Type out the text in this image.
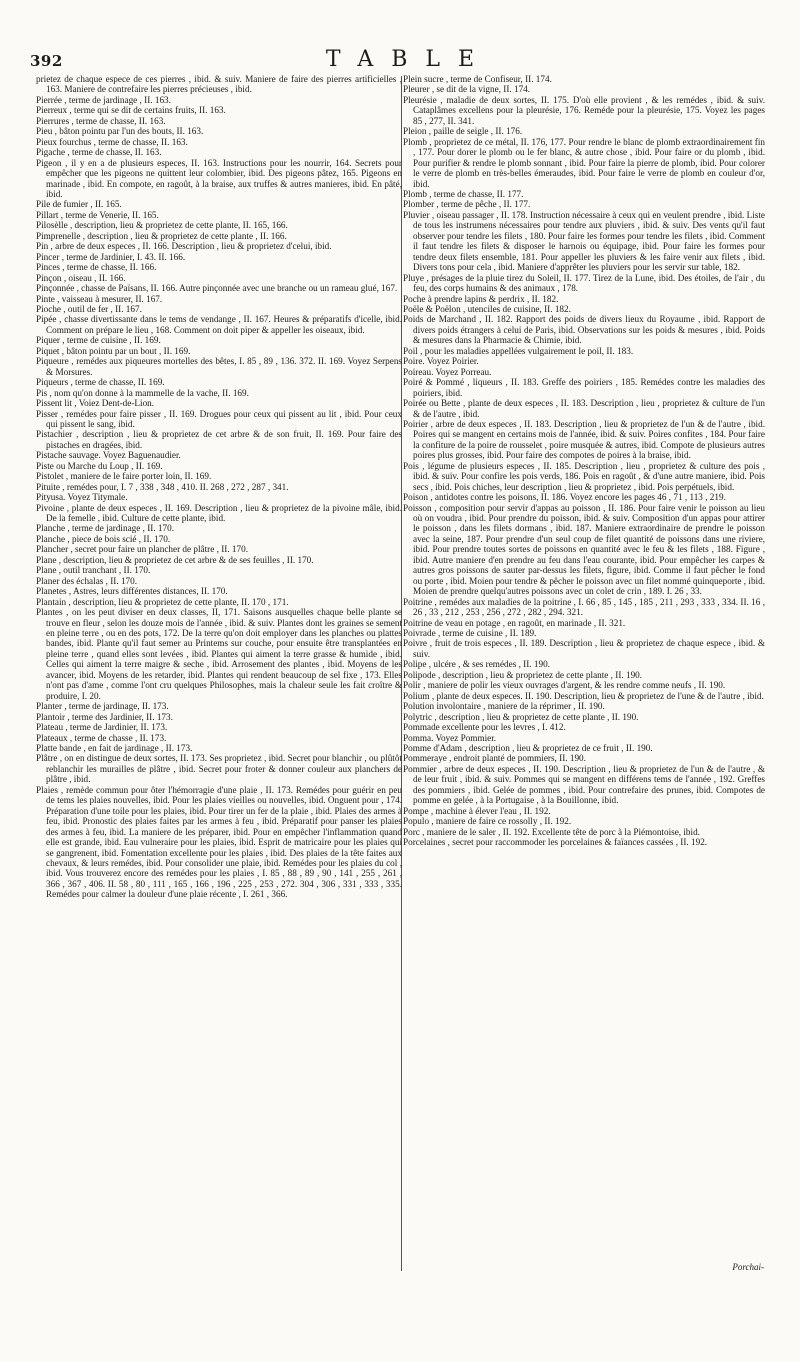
392	TABLE
prietez de chaque espece de ces pierres , ibid. & suiv. Maniere de faire des pierres artificielles , 163. Maniere de contrefaire les pierres précieuses , ibid.
Pierrée , terme de jardinage , II. 163.
Pierreux , terme qui se dit de certains fruits, II. 163.
Pierrures , terme de chasse, II. 163.
Pieu , bâton pointu par l'un des bouts, II. 163.
Pieux fourchus , terme de chasse, II. 163.
Pigache , terme de chasse, II. 163.
Pigeon , il y en a de plusieurs especes, II. 163. Instructions pour les nourrir, 164. Secrets pour empêcher que les pigeons ne quittent leur colombier, ibid. Des pigeons pâtez, 165. Pigeons en marinade , ibid. En compote, en ragoût, à la braise, aux truffes & autres manieres, ibid. En pâté, ibid.
Pile de fumier , II. 165.
Pillart , terme de Venerie, II. 165.
Pilosèlle , description, lieu & proprietez de cette plante, II. 165, 166.
Pimprenelle , description , lieu & proprietez de cette plante , II. 166.
Pin , arbre de deux especes , II. 166. Description , lieu & proprietez d'celui, ibid.
Pincer , terme de Jardinier, I. 43. II. 166.
Pinces , terme de chasse, II. 166.
Pinçon , oiseau , II. 166.
Pinçonnée , chasse de Païsans, II. 166. Autre pinçonnée avec une branche ou un rameau glué, 167.
Pinte , vaisseau à mesurer, II. 167.
Pioche , outil de fer , II. 167.
Pipée , chasse divertissante dans le tems de vendange , II. 167. Heures & préparatifs d'icelle, ibid. Comment on prépare le lieu , 168. Comment on doit piper & appeller les oiseaux, ibid.
Piquer , terme de cuisine , II. 169.
Piquet , bâton pointu par un bout , II. 169.
Piqueure , remédes aux piqueures mortelles des bêtes, I. 85 , 89 , 136. 372. II. 169. Voyez Serpens & Morsures.
Piqueurs , terme de chasse, II. 169.
Pis , nom qu'on donne à la mammelle de la vache, II. 169.
Pissent lit , Voiez Dent-de-Lion.
Pisser , remédes pour faire pisser , II. 169. Drogues pour ceux qui pissent au lit , ibid. Pour ceux qui pissent le sang, ibid.
Pistachier , description , lieu & proprietez de cet arbre & de son fruit, II. 169. Pour faire des pistaches en dragées, ibid.
Pistache sauvage. Voyez Baguenaudier.
Piste ou Marche du Loup , II. 169.
Pistolet , maniere de le faire porter loin, II. 169.
Pituite , remédes pour, I. 7 , 338 , 348 , 410. II. 268 , 272 , 287 , 341.
Pityusa. Voyez Titymale.
Pivoine , plante de deux especes , II. 169. Description , lieu & proprietez de la pivoine mâle, ibid. De la femelle , ibid. Culture de cette plante, ibid.
Planche , terme de jardinage , II. 170.
Planche , piece de bois scié , II. 170.
Plancher , secret pour faire un plancher de plâtre , II. 170.
Plane , description, lieu & proprietez de cet arbre & de ses feuilles , II. 170.
Plane , outil tranchant , II. 170.
Planer des échalas , II. 170.
Planetes , Astres, leurs différentes distances, II. 170.
Plantain , description, lieu & proprietez de cette plante, II. 170 , 171.
Plantes , on les peut diviser en deux classes, II, 171. Saisons ausquelles chaque belle plante se trouve en fleur , selon les douze mois de l'année , ibid. & suiv. Plantes dont les graines se sement en pleine terre , ou en des pots, 172. De la terre qu'on doit employer dans les planches ou plattes bandes, ibid. Plante qu'il faut semer au Printems sur couche, pour ensuite être transplantées en pleine terre , quand elles sont levées , ibid. Plantes qui aiment la terre grasse & humide , ibid. Celles qui aiment la terre maigre & seche , ibid. Arrosement des plantes , ibid. Moyens de les avancer, ibid. Moyens de les retarder, ibid. Plantes qui rendent beaucoup de sel fixe , 173. Elles n'ont pas d'ame , comme l'ont cru quelques Philosophes, mais la chaleur seule les fait croître & produire, I. 20.
Planter , terme de jardinage, II. 173.
Plantoir , terme des Jardinier, II. 173.
Plateau , terme de Jardinier, II. 173.
Plateaux , terme de chasse , II. 173.
Platte bande , en fait de jardinage , II. 173.
Plâtre , on en distingue de deux sortes, II. 173. Ses proprietez , ibid. Secret pour blanchir , ou plûtôt reblanchir les murailles de plâtre , ibid. Secret pour froter & donner couleur aux planchers de plâtre , ibid.
Plaies , remède commun pour ôter l'hémorragie d'une plaie , II. 173. Remédes pour guérir en peu de tems les plaies nouvelles, ibid. Pour les plaies vieilles ou nouvelles, ibid. Onguent pour , 174. Préparation d'une toile pour les plaies, ibid. Pour tirer un fer de la plaie , ibid. Plaies des armes à feu, ibid. Pronostic des plaies faites par les armes à feu , ibid. Préparatif pour panser les plaies des armes à feu, ibid. La maniere de les préparer, ibid. Pour en empêcher l'inflammation quand elle est grande, ibid. Eau vulneraire pour les plaies, ibid. Esprit de matricaire pour les plaies qui se gangrenent, ibid. Fomentation excellente pour les plaies , ibid. Des plaies de la tête faites aux chevaux, & leurs remédes, ibid. Pour consolider une plaie, ibid. Remédes pour les plaies du col , ibid. Vous trouverez encore des remédes pour les plaies , I. 85 , 88 , 89 , 90 , 141 , 255 , 261 , 366 , 367 , 406. II. 58 , 80 , 111 , 165 , 166 , 196 , 225 , 253 , 272. 304 , 306 , 331 , 333 , 335. Remédes pour calmer la douleur d'une plaie récente , I. 261 , 366.
Plein sucre , terme de Confiseur, II. 174.
Pleurer , se dit de la vigne, II. 174.
Pleurésie , maladie de deux sortes, II. 175. D'où elle provient , & les remédes , ibid. & suiv. Cataplâmes excellens pour la pleurésie, 176. Reméde pour la pleurésie, 175. Voyez les pages 85 , 277, II. 341.
Pleion , paille de seigle , II. 176.
Plomb , proprietez de ce métal, II. 176, 177. Pour rendre le blanc de plomb extraordinairement fin , 177. Pour dorer le plomb ou le fer blanc, & autre chose , ibid. Pour faire or du plomb , ibid. Pour purifier & rendre le plomb sonnant , ibid. Pour faire la pierre de plomb, ibid. Pour colorer le verre de plomb en très-belles émeraudes, ibid. Pour faire le verre de plomb en couleur d'or, ibid.
Plomb , terme de chasse, II. 177.
Plomber , terme de pêche , II. 177.
Pluvier , oiseau passager , II. 178. Instruction nécessaire à ceux qui en veulent prendre , ibid. Liste de tous les instrumens nécessaires pour tendre aux pluviers , ibid. & suiv. Des vents qu'il faut observer pour tendre les filets , 180. Pour faire les formes pour tendre les filets , ibid. Comment il faut tendre les filets & disposer le harnois ou équipage, ibid. Pour faire les formes pour tendre deux filets ensemble, 181. Pour appeller les pluviers & les faire venir aux filets , ibid. Divers tons pour cela , ibid. Maniere d'apprêter les pluviers pour les servir sur table, 182.
Pluye , présages de la pluie tirez du Soleil, II. 177. Tirez de la Lune, ibid. Des étoiles, de l'air , du feu, des corps humains & des animaux , 178.
Poche à prendre lapins & perdrix , II. 182.
Poële & Poëlon , utenciles de cuisine, II. 182.
Poids de Marchand , II. 182. Rapport des poids de divers lieux du Royaume , ibid. Rapport de divers poids étrangers à celui de Paris, ibid. Observations sur les poids & mesures , ibid. Poids & mesures dans la Pharmacie & Chimie, ibid.
Poil , pour les maladies appellées vulgairement le poil, II. 183.
Poire. Voyez Poirier.
Poireau. Voyez Porreau.
Poiré & Pommé , liqueurs , II. 183. Greffe des poiriers , 185. Remédes contre les maladies des poiriers, ibid.
Poirée ou Bette , plante de deux especes , II. 183. Description , lieu , proprietez & culture de l'un & de l'autre , ibid.
Poirier , arbre de deux especes , II. 183. Description , lieu & proprietez de l'un & de l'autre , ibid. Poires qui se mangent en certains mois de l'année, ibid. & suiv. Poires confites , 184. Pour faire la confiture de la poire de rousselet , poire musquée & autres, ibid. Compote de plusieurs autres poires plus grosses, ibid. Pour faire des compotes de poires à la braise, ibid.
Pois , légume de plusieurs especes , II. 185. Description , lieu , proprietez & culture des pois , ibid. & suiv. Pour confire les pois verds, 186. Pois en ragoût , & d'une autre maniere, ibid. Pois secs , ibid. Pois chiches, leur description , lieu & proprietez , ibid. Pois perpétuels, ibid.
Poison , antidotes contre les poisons, II. 186. Voyez encore les pages 46 , 71 , 113 , 219.
Poisson , composition pour servir d'appas au poisson , II. 186. Pour faire venir le poisson au lieu où on voudra , ibid. Pour prendre du poisson, ibid. & suiv. Composition d'un appas pour attirer le poisson , dans les filets dormans , ibid. 187. Maniere extraordinaire de prendre le poisson avec la seine, 187. Pour prendre d'un seul coup de filet quantité de poissons dans une riviere, ibid. Pour prendre toutes sortes de poissons en quantité avec le feu & les filets , 188. Figure , ibid. Autre maniere d'en prendre au feu dans l'eau courante, ibid. Pour empêcher les carpes & autres gros poissons de sauter par-dessus les filets, figure, ibid. Comme il faut pêcher le fond ou porte , ibid. Moien pour tendre & pêcher le poisson avec un filet nommé quinqueporte , ibid. Moien de prendre quelqu'autres poissons avec un colet de crin , 189. I. 26 , 33.
Poitrine , remédes aux maladies de la poitrine , I. 66 , 85 , 145 , 185 , 211 , 293 , 333 , 334. II. 16 , 26 , 33 , 212 , 253 , 256 , 272 , 282 , 294. 321.
Poitrine de veau en potage , en ragoût, en marinade , II. 321.
Poivrade , terme de cuisine , II. 189.
Poivre , fruit de trois especes , II. 189. Description , lieu & proprietez de chaque espece , ibid. & suiv.
Polipe , ulcére , & ses remédes , II. 190.
Polipode , description , lieu & proprietez de cette plante , II. 190.
Polir , maniere de polir les vieux ouvrages d'argent, & les rendre comme neufs , II. 190.
Polium , plante de deux especes. II. 190. Description, lieu & proprietez de l'une & de l'autre , ibid.
Polution involontaire , maniere de la réprimer , II. 190.
Polytric , description , lieu & proprietez de cette plante , II. 190.
Pommade excellente pour les levres , I. 412.
Pomma. Voyez Pommier.
Pomme d'Adam , description , lieu & proprietez de ce fruit , II. 190.
Pommeraye , endroit planté de pommiers, II. 190.
Pommier , arbre de deux especes , II. 190. Description , lieu & proprietez de l'un & de l'autre , & de leur fruit , ibid. & suiv. Pommes qui se mangent en différens tems de l'année , 192. Greffes des pommiers , ibid. Gelée de pommes , ibid. Pour contrefaire des prunes, ibid. Compotes de pomme en gelée , à la Portugaise , à la Bouillonne, ibid.
Pompe , machine à élever l'eau , II. 192.
Populo , maniere de faire ce rossolly , II. 192.
Porc , maniere de le saler , II. 192. Excellente tête de porc à la Piémontoise, ibid.
Porcelaines , secret pour raccommoder les porcelaines & faïances cassées , II. 192.
Porchai-
